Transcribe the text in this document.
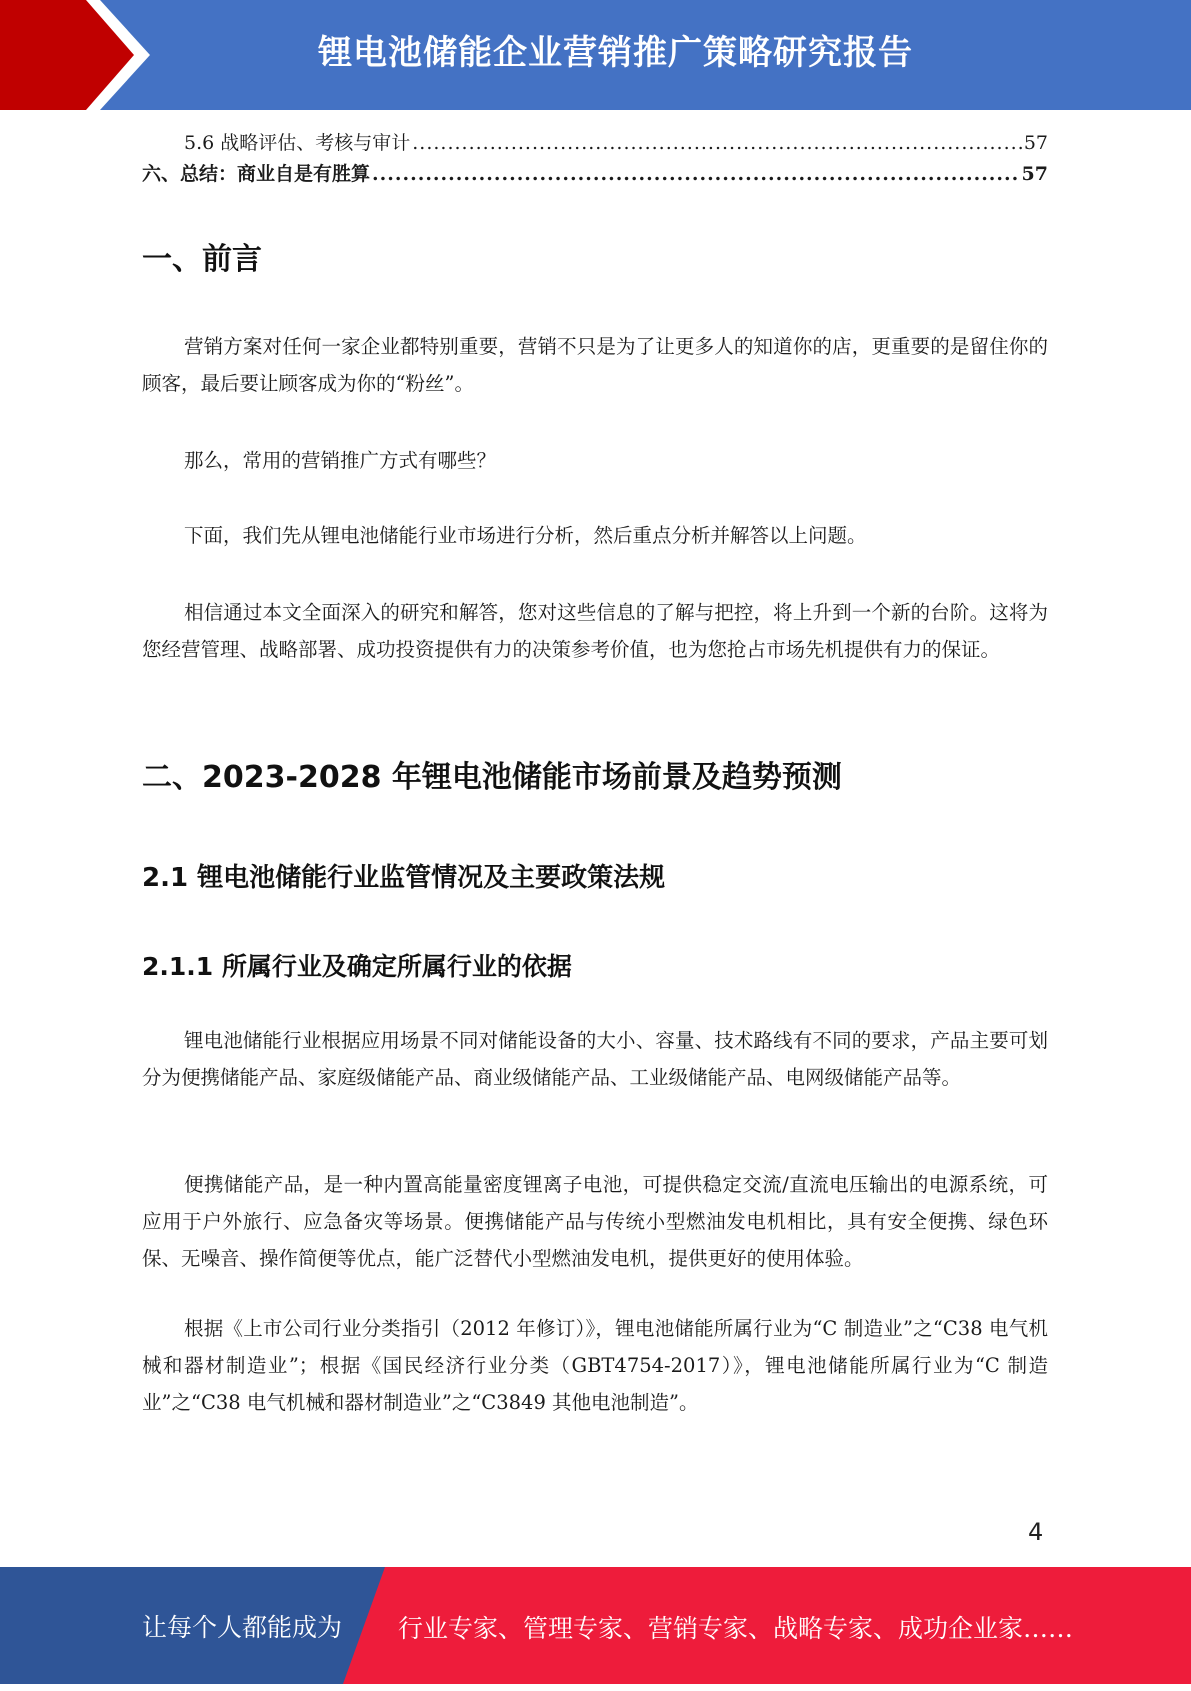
锂电池储能企业营销推广策略研究报告
5.6 战略评估、考核与审计 .....	57
六、总结：商业自是有胜算 .....	57
一、前言

营销方案对任何一家企业都特别重要，营销不只是为了让更多人的知道你的店，更重要的是留住你的顾客，最后要让顾客成为你的“粉丝”。

那么，常用的营销推广方式有哪些？

下面，我们先从锂电池储能行业市场进行分析，然后重点分析并解答以上问题。

相信通过本文全面深入的研究和解答，您对这些信息的了解与把控，将上升到一个新的台阶。这将为您经营管理、战略部署、成功投资提供有力的决策参考价值，也为您抢占市场先机提供有力的保证。

二、2023-2028 年锂电池储能市场前景及趋势预测
2.1 锂电池储能行业监管情况及主要政策法规
2.1.1 所属行业及确定所属行业的依据

锂电池储能行业根据应用场景不同对储能设备的大小、容量、技术路线有不同的要求，产品主要可划分为便携储能产品、家庭级储能产品、商业级储能产品、工业级储能产品、电网级储能产品等。

便携储能产品，是一种内置高能量密度锂离子电池，可提供稳定交流/直流电压输出的电源系统，可应用于户外旅行、应急备灾等场景。便携储能产品与传统小型燃油发电机相比，具有安全便携、绿色环保、无噪音、操作简便等优点，能广泛替代小型燃油发电机，提供更好的使用体验。

根据《上市公司行业分类指引（2012 年修订）》，锂电池储能所属行业为“C 制造业”之“C38 电气机械和器材制造业”；根据《国民经济行业分类（GBT4754-2017）》，锂电池储能所属行业为“C 制造业”之“C38 电气机械和器材制造业”之“C3849 其他电池制造”。

4
让每个人都能成为 行业专家、管理专家、营销专家、战略专家、成功企业家……
